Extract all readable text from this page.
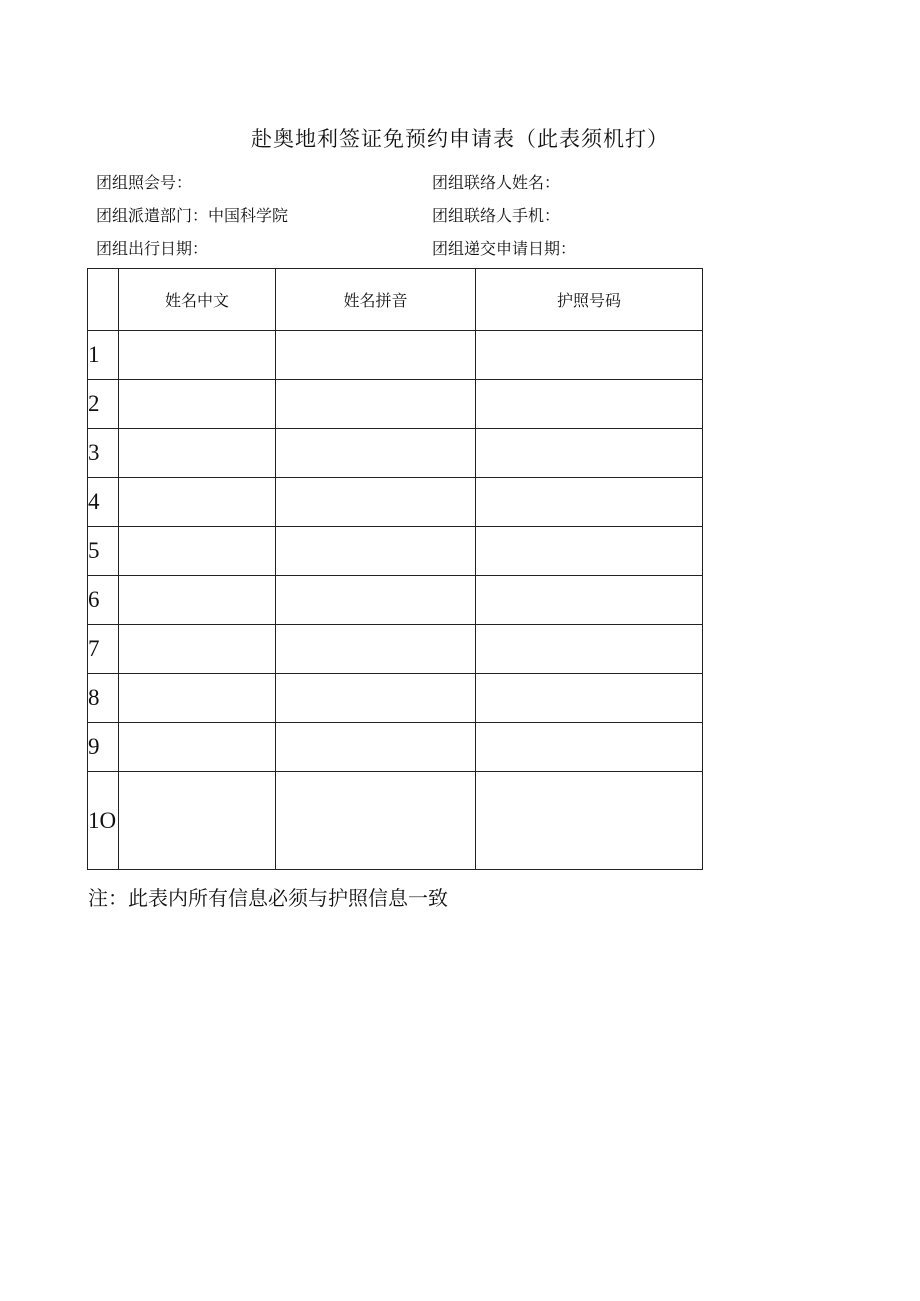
赴奥地利签证免预约申请表（此表须机打）
团组照会号：	团组联络人姓名：
团组派遣部门：中国科学院	团组联络人手机：
团组出行日期：	团组递交申请日期：
	姓名中文	姓名拼音	护照号码
1			
2			
3			
4			
5			
6			
7			
8			
9			
1O			
注：此表内所有信息必须与护照信息一致
